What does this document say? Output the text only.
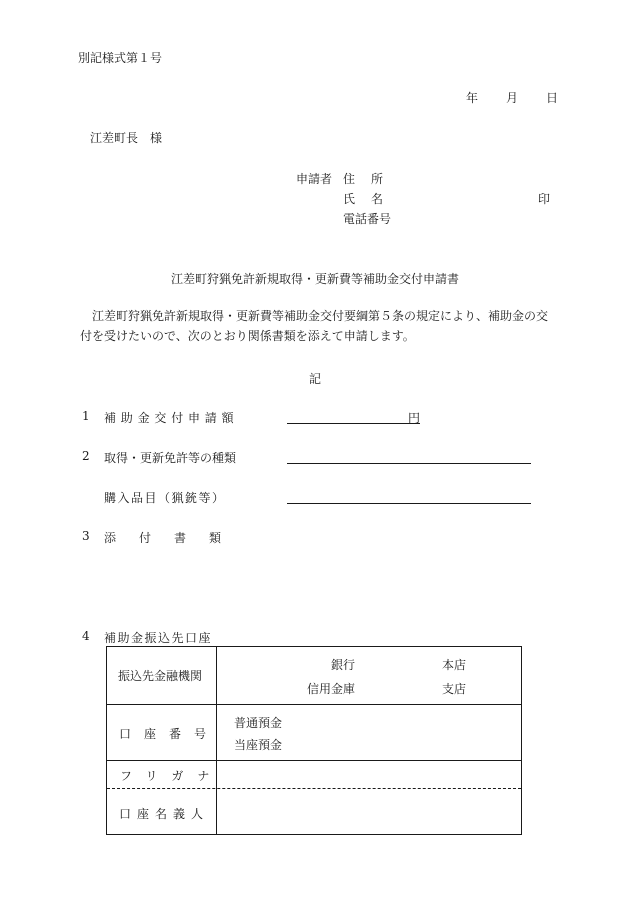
別記様式第１号
年 月 日
江差町長　様
申請者 住所
氏名	印
電話番号
江差町狩猟免許新規取得・更新費等補助金交付申請書
江差町狩猟免許新規取得・更新費等補助金交付要綱第５条の規定により、補助金の交付を受けたいので、次のとおり関係書類を添えて申請します。
記
1 補助金交付申請額	円
2 取得・更新免許等の種類
購入品目（猟銃等）
3 添付書類
4 補助金振込先口座
振込先金融機関
銀行
信用金庫
本店
支店
口座番号
普通預金
当座預金
フリガナ
口座名義人
